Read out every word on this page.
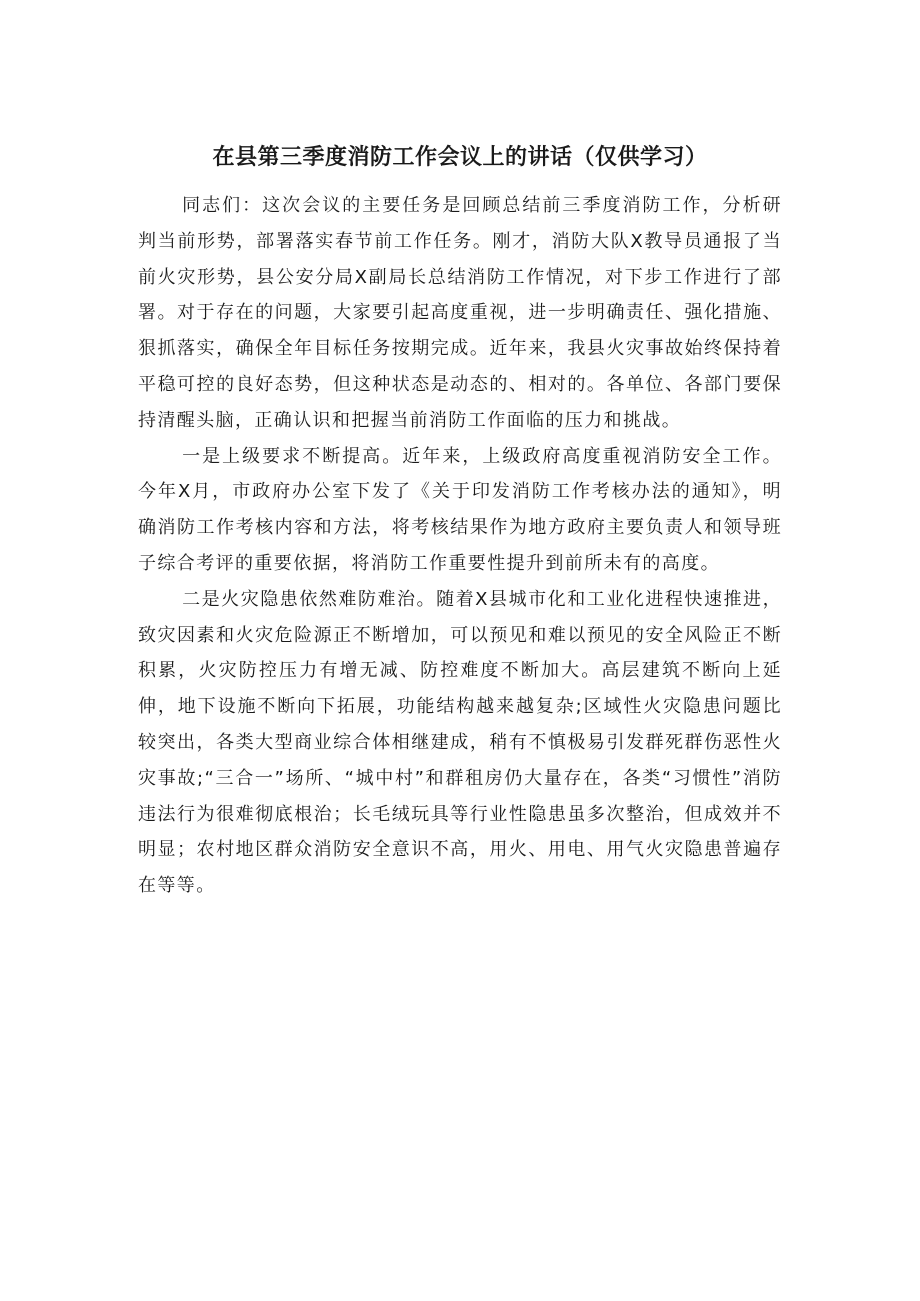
在县第三季度消防工作会议上的讲话（仅供学习）

同志们：这次会议的主要任务是回顾总结前三季度消防工作，分析研判当前形势，部署落实春节前工作任务。刚才，消防大队X教导员通报了当前火灾形势，县公安分局X副局长总结消防工作情况，对下步工作进行了部署。对于存在的问题，大家要引起高度重视，进一步明确责任、强化措施、狠抓落实，确保全年目标任务按期完成。近年来，我县火灾事故始终保持着平稳可控的良好态势，但这种状态是动态的、相对的。各单位、各部门要保持清醒头脑，正确认识和把握当前消防工作面临的压力和挑战。

一是上级要求不断提高。近年来，上级政府高度重视消防安全工作。今年X月，市政府办公室下发了《关于印发消防工作考核办法的通知》，明确消防工作考核内容和方法，将考核结果作为地方政府主要负责人和领导班子综合考评的重要依据，将消防工作重要性提升到前所未有的高度。

二是火灾隐患依然难防难治。随着X县城市化和工业化进程快速推进，致灾因素和火灾危险源正不断增加，可以预见和难以预见的安全风险正不断积累，火灾防控压力有增无减、防控难度不断加大。高层建筑不断向上延伸，地下设施不断向下拓展，功能结构越来越复杂;区域性火灾隐患问题比较突出，各类大型商业综合体相继建成，稍有不慎极易引发群死群伤恶性火灾事故;“三合一”场所、“城中村”和群租房仍大量存在，各类“习惯性”消防违法行为很难彻底根治；长毛绒玩具等行业性隐患虽多次整治，但成效并不明显；农村地区群众消防安全意识不高，用火、用电、用气火灾隐患普遍存在等等。
